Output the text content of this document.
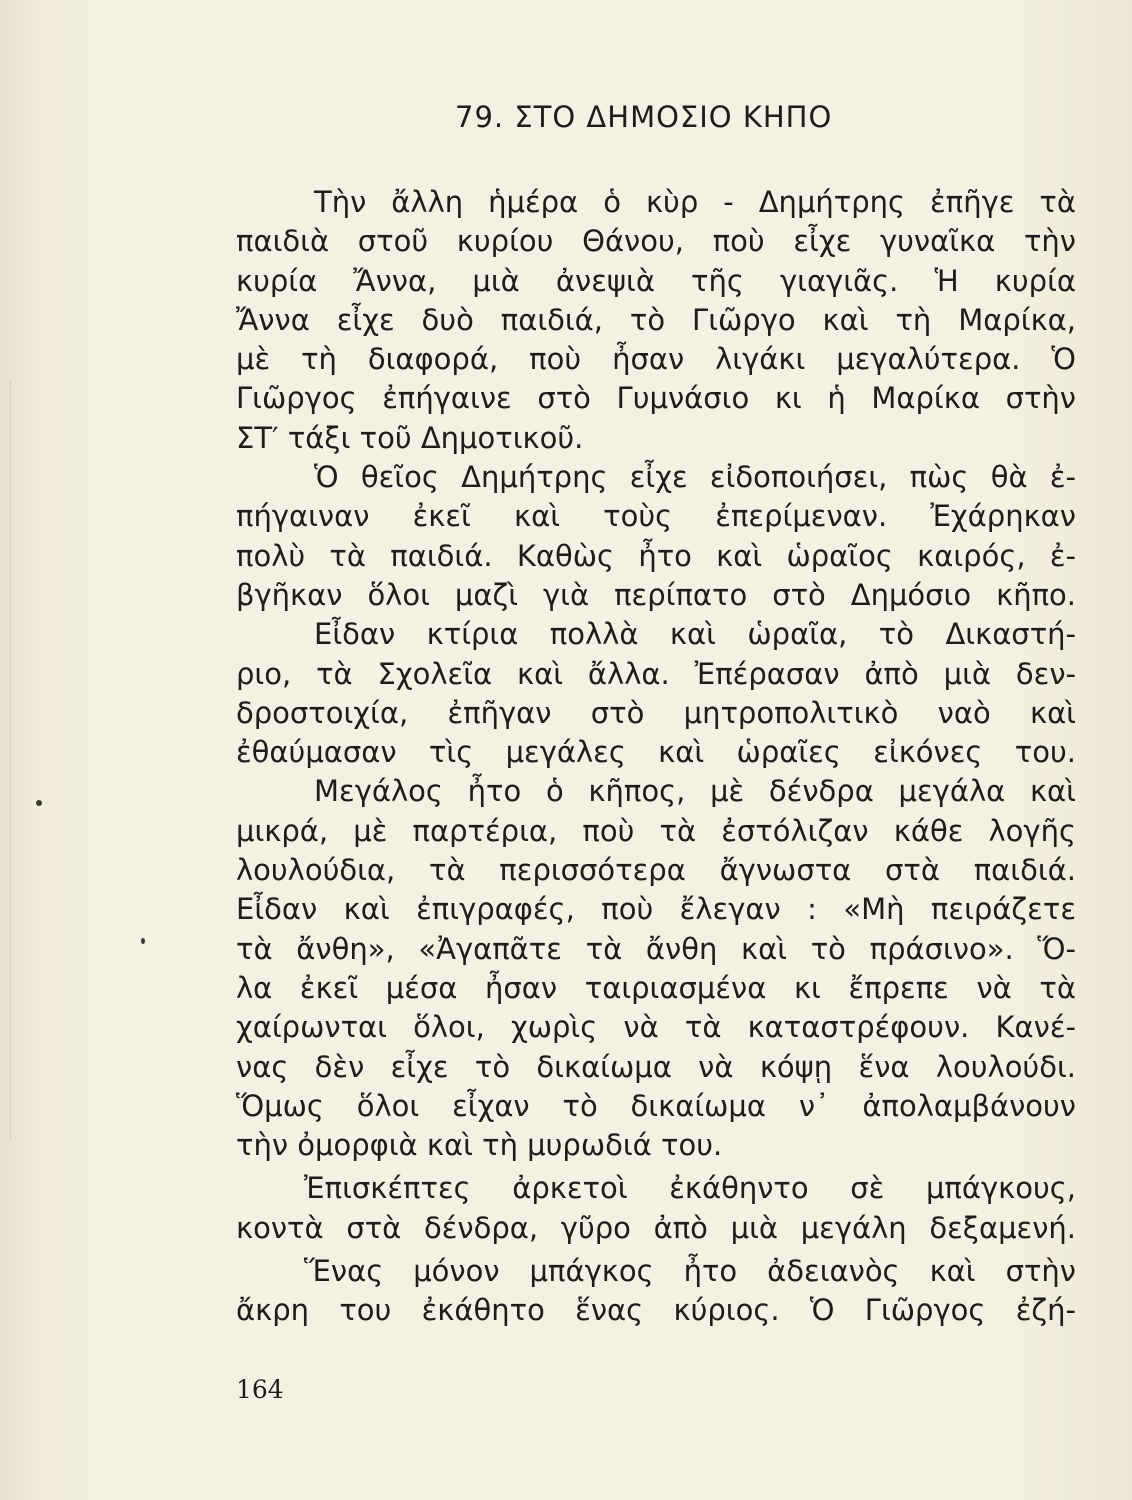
79. ΣΤΟ ΔΗΜΟΣΙΟ ΚΗΠΟ
Τὴν ἄλλη ἡμέρα ὁ κὺρ - Δημήτρης ἐπῆγε τὰ
παιδιὰ στοῦ κυρίου Θάνου, ποὺ εἶχε γυναῖκα τὴν
κυρία Ἄννα, μιὰ ἀνεψιὰ τῆς γιαγιᾶς. Ἡ κυρία
Ἄννα εἶχε δυὸ παιδιά, τὸ Γιῶργο καὶ τὴ Μαρίκα,
μὲ τὴ διαφορά, ποὺ ἦσαν λιγάκι μεγαλύτερα. Ὁ
Γιῶργος ἐπήγαινε στὸ Γυμνάσιο κι ἡ Μαρίκα στὴν
ΣΤ′ τάξι τοῦ Δημοτικοῦ.
Ὁ θεῖος Δημήτρης εἶχε εἰδοποιήσει, πὼς θὰ ἐ-
πήγαιναν ἐκεῖ καὶ τοὺς ἐπερίμεναν. Ἐχάρηκαν
πολὺ τὰ παιδιά. Καθὼς ἦτο καὶ ὡραῖος καιρός, ἐ-
βγῆκαν ὅλοι μαζὶ γιὰ περίπατο στὸ Δημόσιο κῆπο.
Εἶδαν κτίρια πολλὰ καὶ ὡραῖα, τὸ Δικαστή-
ριο, τὰ Σχολεῖα καὶ ἄλλα. Ἐπέρασαν ἀπὸ μιὰ δεν-
δροστοιχία, ἐπῆγαν στὸ μητροπολιτικὸ ναὸ καὶ
ἐθαύμασαν τὶς μεγάλες καὶ ὡραῖες εἰκόνες του.
Μεγάλος ἦτο ὁ κῆπος, μὲ δένδρα μεγάλα καὶ
μικρά, μὲ παρτέρια, ποὺ τὰ ἐστόλιζαν κάθε λογῆς
λουλούδια, τὰ περισσότερα ἄγνωστα στὰ παιδιά.
Εἶδαν καὶ ἐπιγραφές, ποὺ ἔλεγαν : «Μὴ πειράζετε
τὰ ἄνθη», «Ἀγαπᾶτε τὰ ἄνθη καὶ τὸ πράσινο». Ὅ-
λα ἐκεῖ μέσα ἦσαν ταιριασμένα κι ἔπρεπε νὰ τὰ
χαίρωνται ὅλοι, χωρὶς νὰ τὰ καταστρέφουν. Κανέ-
νας δὲν εἶχε τὸ δικαίωμα νὰ κόψῃ ἕνα λουλούδι.
Ὅμως ὅλοι εἶχαν τὸ δικαίωμα ν᾽ ἀπολαμβάνουν
τὴν ὀμορφιὰ καὶ τὴ μυρωδιά του.
Ἐπισκέπτες ἀρκετοὶ ἐκάθηντο σὲ μπάγκους,
κοντὰ στὰ δένδρα, γῦρο ἀπὸ μιὰ μεγάλη δεξαμενή.
Ἕνας μόνον μπάγκος ἦτο ἀδειανὸς καὶ στὴν
ἄκρη του ἐκάθητο ἕνας κύριος. Ὁ Γιῶργος ἐζή-
164
